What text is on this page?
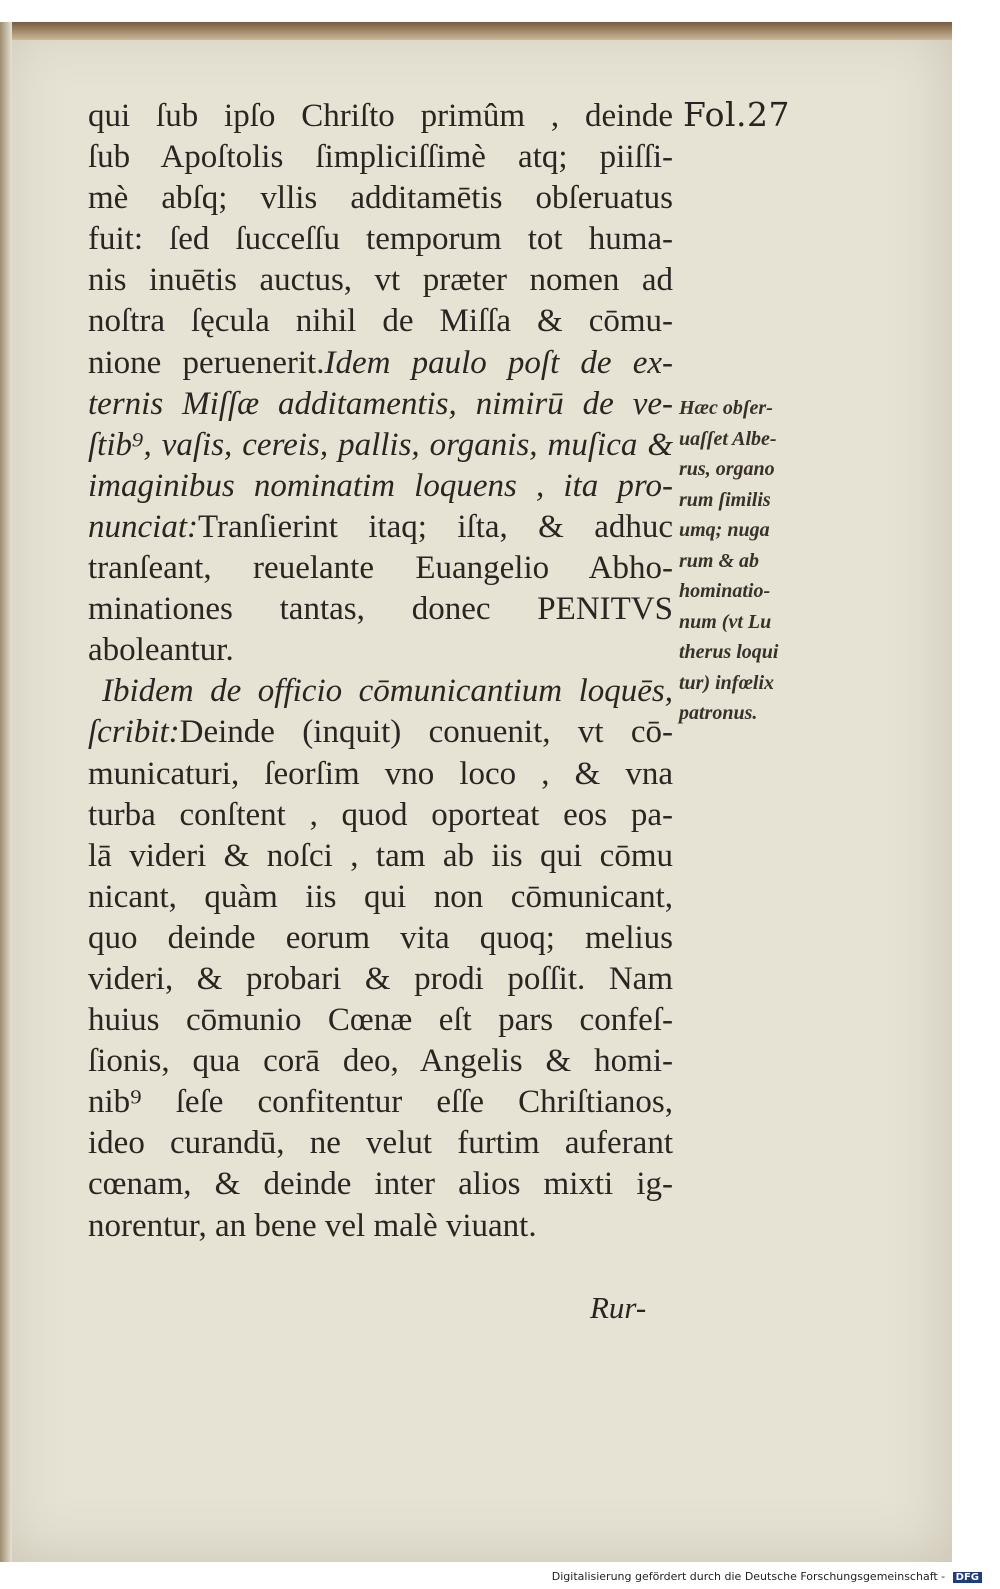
Fol.27
qui ſub ipſo Chriſto primûm , deinde
ſub Apoſtolis ſimpliciſſimè atq; piiſſi-
mè abſq; vllis additamētis obſeruatus
fuit: ſed ſucceſſu temporum tot huma-
nis inuētis auctus, vt præter nomen ad
noſtra ſęcula nihil de Miſſa & cōmu-
nione peruenerit.Idem paulo poſt de ex-
ternis Miſſæ additamentis, nimirū de ve-
ſtib⁹, vaſis, cereis, pallis, organis, muſica &
imaginibus nominatim loquens , ita pro-
nunciat:Tranſierint itaq; iſta, & adhuc
tranſeant, reuelante Euangelio Abho-
minationes tantas, donec PENITVS
aboleantur.
Ibidem de officio cōmunicantium loquēs,
ſcribit:Deinde (inquit) conuenit, vt cō-
municaturi, ſeorſim vno loco , & vna
turba conſtent , quod oporteat eos pa-
lā videri & noſci , tam ab iis qui cōmu
nicant, quàm iis qui non cōmunicant,
quo deinde eorum vita quoq; melius
videri, & probari & prodi poſſit. Nam
huius cōmunio Cœnæ eſt pars confeſ-
ſionis, qua corā deo, Angelis & homi-
nib⁹ ſeſe confitentur eſſe Chriſtianos,
ideo curandū, ne velut furtim auferant
cœnam, & deinde inter alios mixti ig-
norentur, an bene vel malè viuant.
Rur-
Hæc obſer-
uaſſet Albe-
rus, organo
rum ſimilis
umq; nuga
rum & ab
hominatio-
num (vt Lu
therus loqui
tur) infœlix
patronus.
Digitalisierung gefördert durch die Deutsche Forschungsgemeinschaft - DFG
